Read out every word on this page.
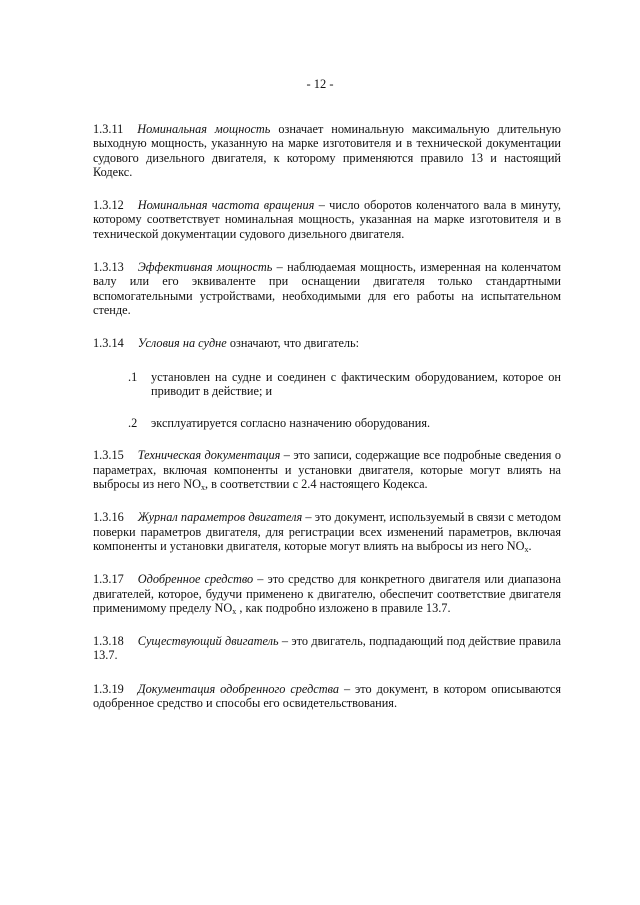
- 12 -

1.3.11 Номинальная мощность означает номинальную максимальную длительную выходную мощность, указанную на марке изготовителя и в технической документации судового дизельного двигателя, к которому применяются правило 13 и настоящий Кодекс.

1.3.12 Номинальная частота вращения – число оборотов коленчатого вала в минуту, которому соответствует номинальная мощность, указанная на марке изготовителя и в технической документации судового дизельного двигателя.

1.3.13 Эффективная мощность – наблюдаемая мощность, измеренная на коленчатом валу или его эквиваленте при оснащении двигателя только стандартными вспомогательными устройствами, необходимыми для его работы на испытательном стенде.

1.3.14 Условия на судне означают, что двигатель:

.1 установлен на судне и соединен с фактическим оборудованием, которое он приводит в действие; и

.2 эксплуатируется согласно назначению оборудования.

1.3.15 Техническая документация – это записи, содержащие все подробные сведения о параметрах, включая компоненты и установки двигателя, которые могут влиять на выбросы из него $NO_x$, в соответствии с 2.4 настоящего Кодекса.

1.3.16 Журнал параметров двигателя – это документ, используемый в связи с методом поверки параметров двигателя, для регистрации всех изменений параметров, включая компоненты и установки двигателя, которые могут влиять на выбросы из него $NO_x$.

1.3.17 Одобренное средство – это средство для конкретного двигателя или диапазона двигателей, которое, будучи применено к двигателю, обеспечит соответствие двигателя применимому пределу $NO_x$ , как подробно изложено в правиле 13.7.

1.3.18 Существующий двигатель – это двигатель, подпадающий под действие правила 13.7.

1.3.19 Документация одобренного средства – это документ, в котором описываются одобренное средство и способы его освидетельствования.
